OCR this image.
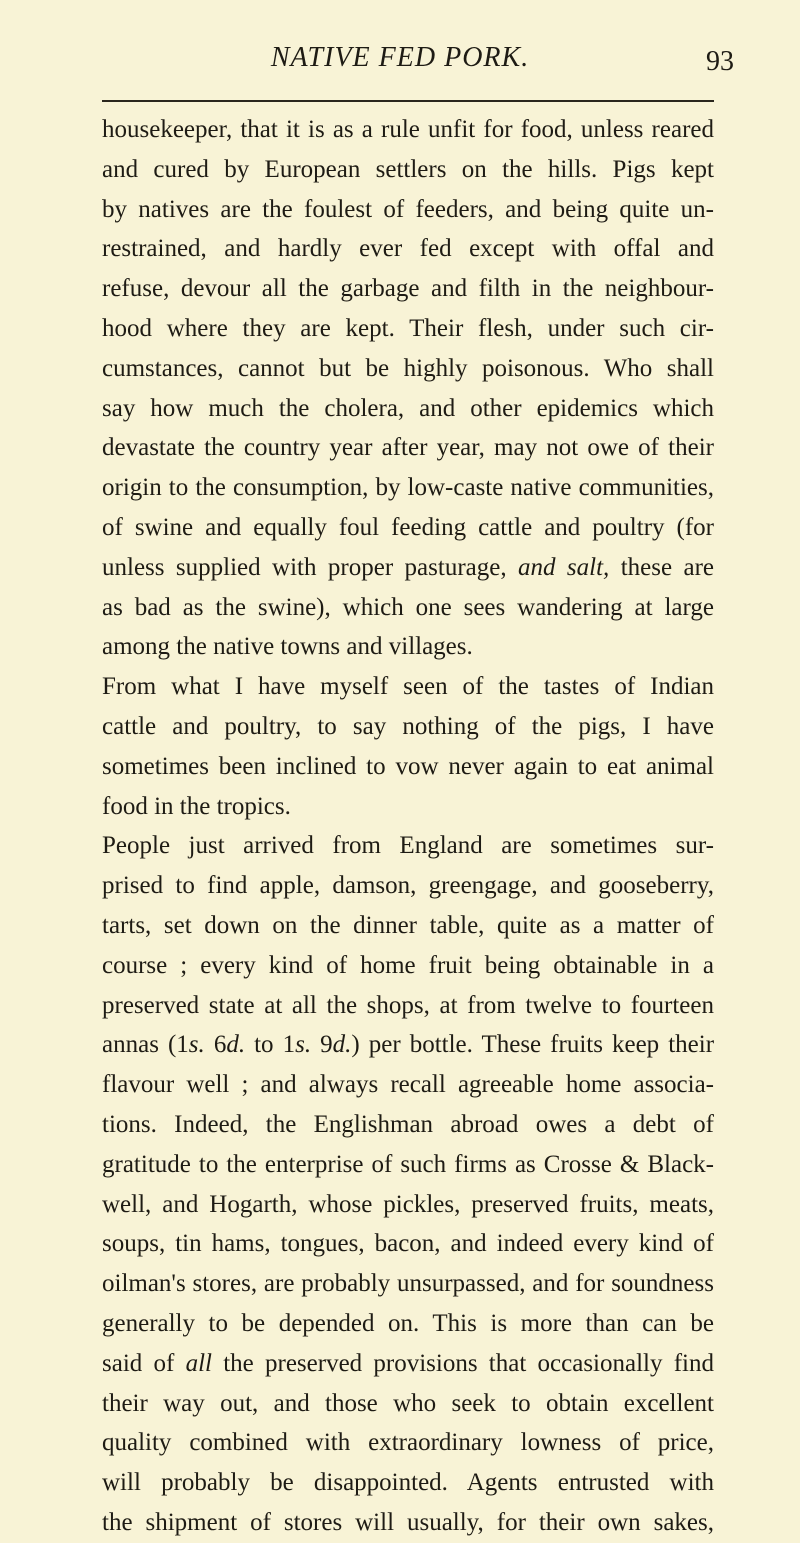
NATIVE FED PORK.	93
housekeeper, that it is as a rule unfit for food, unless reared
and cured by European settlers on the hills. Pigs kept
by natives are the foulest of feeders, and being quite un-
restrained, and hardly ever fed except with offal and
refuse, devour all the garbage and filth in the neighbour-
hood where they are kept. Their flesh, under such cir-
cumstances, cannot but be highly poisonous. Who shall
say how much the cholera, and other epidemics which
devastate the country year after year, may not owe of their
origin to the consumption, by low-caste native communities,
of swine and equally foul feeding cattle and poultry (for
unless supplied with proper pasturage, and salt, these are
as bad as the swine), which one sees wandering at large
among the native towns and villages.
From what I have myself seen of the tastes of Indian
cattle and poultry, to say nothing of the pigs, I have
sometimes been inclined to vow never again to eat animal
food in the tropics.
People just arrived from England are sometimes sur-
prised to find apple, damson, greengage, and gooseberry,
tarts, set down on the dinner table, quite as a matter of
course ; every kind of home fruit being obtainable in a
preserved state at all the shops, at from twelve to fourteen
annas (1s. 6d. to 1s. 9d.) per bottle. These fruits keep their
flavour well ; and always recall agreeable home associa-
tions. Indeed, the Englishman abroad owes a debt of
gratitude to the enterprise of such firms as Crosse & Black-
well, and Hogarth, whose pickles, preserved fruits, meats,
soups, tin hams, tongues, bacon, and indeed every kind of
oilman's stores, are probably unsurpassed, and for soundness
generally to be depended on. This is more than can be
said of all the preserved provisions that occasionally find
their way out, and those who seek to obtain excellent
quality combined with extraordinary lowness of price,
will probably be disappointed. Agents entrusted with
the shipment of stores will usually, for their own sakes,
